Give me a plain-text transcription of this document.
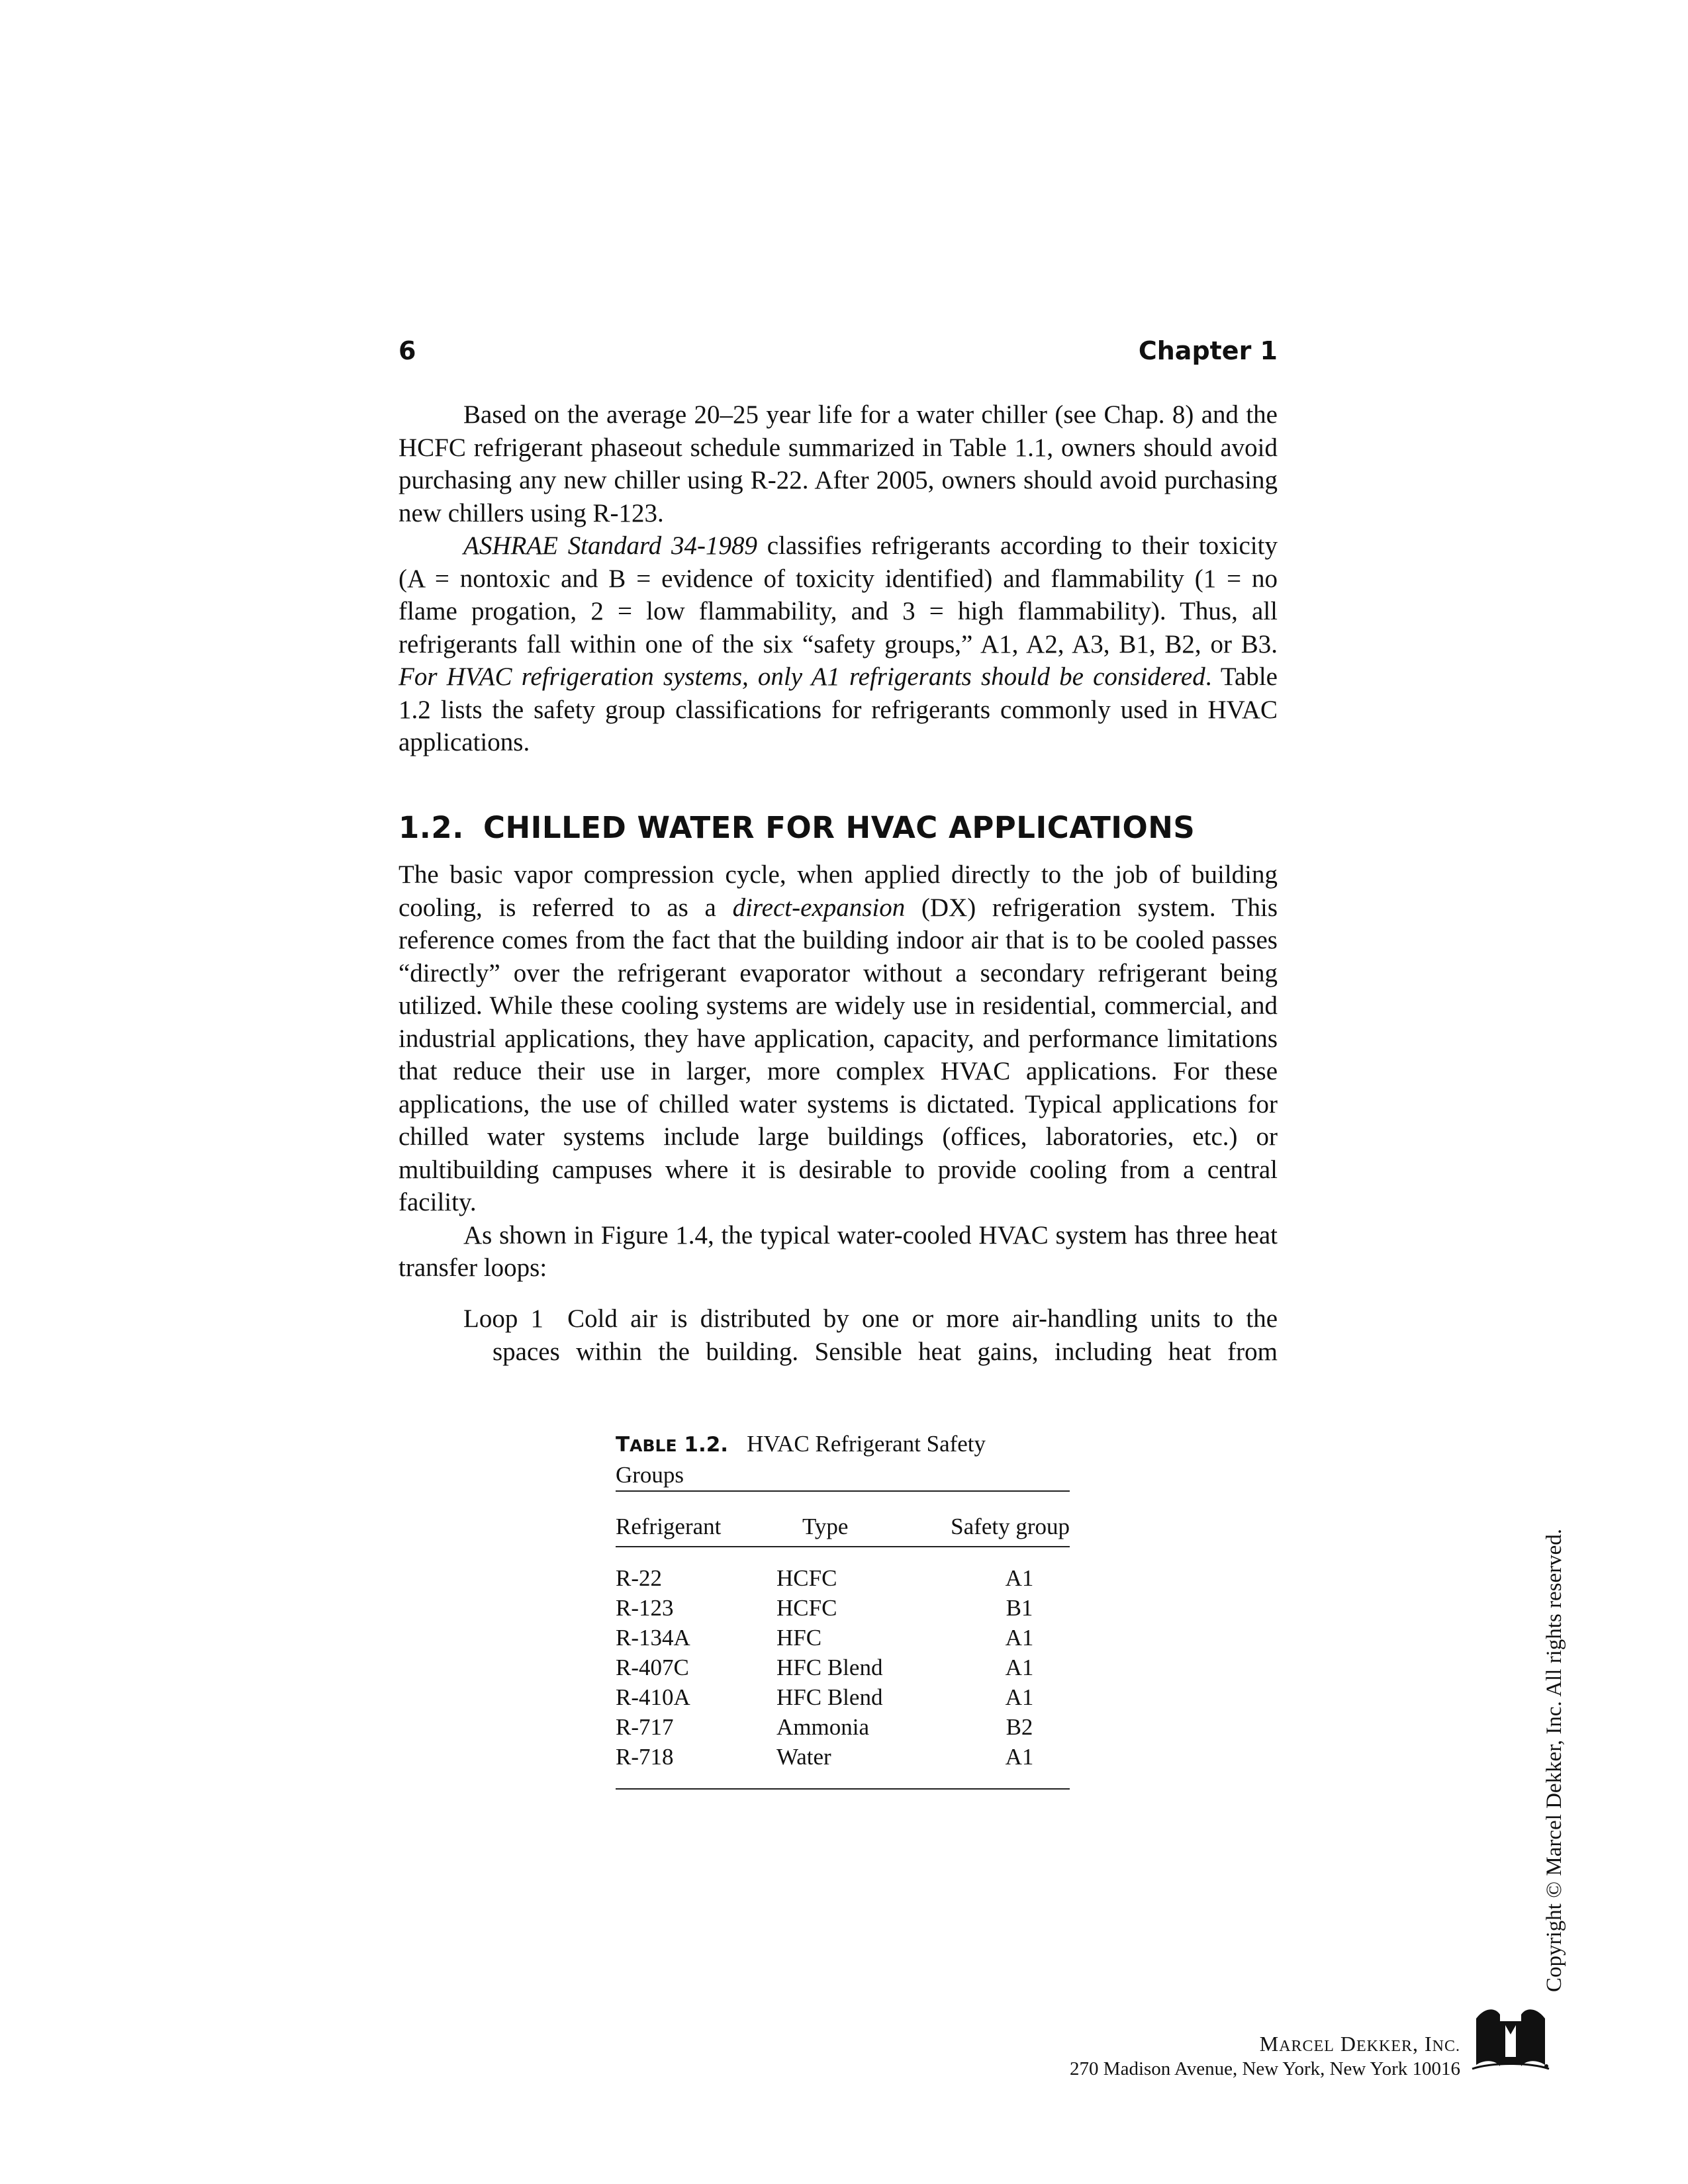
6	Chapter 1

Based on the average 20–25 year life for a water chiller (see Chap. 8) and the HCFC refrigerant phaseout schedule summarized in Table 1.1, owners should avoid purchasing any new chiller using R-22. After 2005, owners should avoid purchasing new chillers using R-123.

ASHRAE Standard 34-1989 classifies refrigerants according to their toxicity (A = nontoxic and B = evidence of toxicity identified) and flammability (1 = no flame progation, 2 = low flammability, and 3 = high flammability). Thus, all refrigerants fall within one of the six “safety groups,” A1, A2, A3, B1, B2, or B3. For HVAC refrigeration systems, only A1 refrigerants should be considered. Table 1.2 lists the safety group classifications for refrigerants commonly used in HVAC applications.

1.2. CHILLED WATER FOR HVAC APPLICATIONS

The basic vapor compression cycle, when applied directly to the job of building cooling, is referred to as a direct-expansion (DX) refrigeration system. This reference comes from the fact that the building indoor air that is to be cooled passes “directly” over the refrigerant evaporator without a secondary refrigerant being utilized. While these cooling systems are widely use in residential, commercial, and industrial applications, they have application, capacity, and performance limitations that reduce their use in larger, more complex HVAC applications. For these applications, the use of chilled water systems is dictated. Typical applications for chilled water systems include large buildings (offices, laboratories, etc.) or multibuilding campuses where it is desirable to provide cooling from a central facility.

As shown in Figure 1.4, the typical water-cooled HVAC system has three heat transfer loops:

Loop 1 Cold air is distributed by one or more air-handling units to the
spaces within the building. Sensible heat gains, including heat from
TABLE 1.2. HVAC Refrigerant Safety Groups
Refrigerant	Type	Safety group
R-22	HCFC	A1
R-123	HCFC	B1
R-134A	HFC	A1
R-407C	HFC Blend	A1
R-410A	HFC Blend	A1
R-717	Ammonia	B2
R-718	Water	A1	Copyright © Marcel Dekker, Inc. All rights reserved.
MARCEL DEKKER, INC.
270 Madison Avenue, New York, New York 10016
